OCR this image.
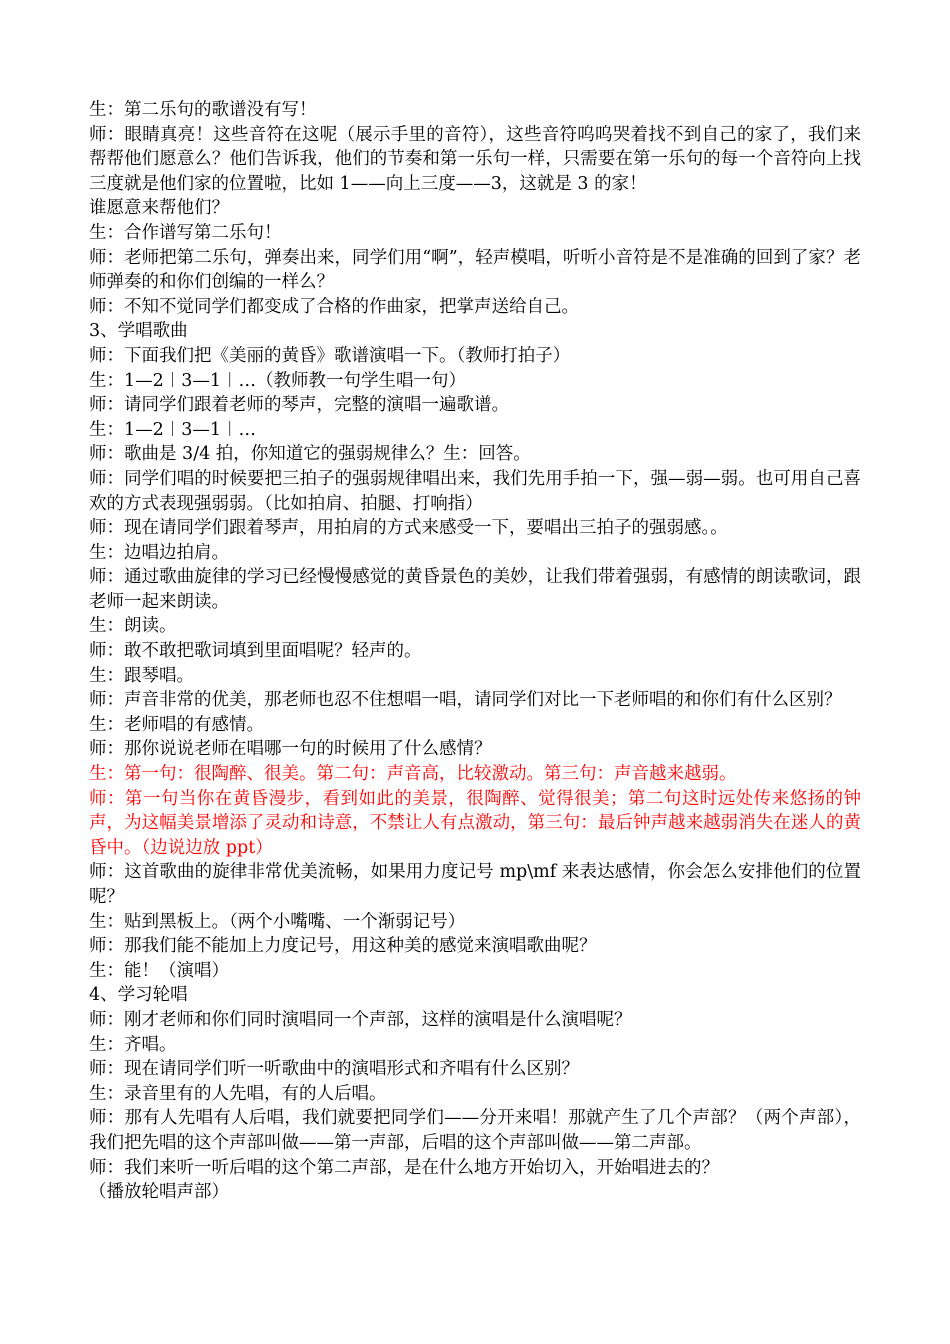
生：第二乐句的歌谱没有写！

师：眼睛真亮！这些音符在这呢（展示手里的音符），这些音符呜呜哭着找不到自己的家了，我们来帮帮他们愿意么？他们告诉我，他们的节奏和第一乐句一样，只需要在第一乐句的每一个音符向上找三度就是他们家的位置啦，比如 1——向上三度——3，这就是 3 的家！

谁愿意来帮他们？

生：合作谱写第二乐句！

师：老师把第二乐句，弹奏出来，同学们用“啊”，轻声模唱，听听小音符是不是准确的回到了家？老师弹奏的和你们创编的一样么？

师：不知不觉同学们都变成了合格的作曲家，把掌声送给自己。

3、学唱歌曲

师：下面我们把《美丽的黄昏》歌谱演唱一下。（教师打拍子）

生：1—2︱3—1︱…（教师教一句学生唱一句）

师：请同学们跟着老师的琴声，完整的演唱一遍歌谱。

生：1—2︱3—1︱…

师：歌曲是 3/4 拍，你知道它的强弱规律么？生：回答。

师：同学们唱的时候要把三拍子的强弱规律唱出来，我们先用手拍一下，强—弱—弱。也可用自己喜欢的方式表现强弱弱。（比如拍肩、拍腿、打响指）

师：现在请同学们跟着琴声，用拍肩的方式来感受一下，要唱出三拍子的强弱感。。

生：边唱边拍肩。

师：通过歌曲旋律的学习已经慢慢感觉的黄昏景色的美妙，让我们带着强弱，有感情的朗读歌词，跟老师一起来朗读。

生：朗读。

师：敢不敢把歌词填到里面唱呢？轻声的。

生：跟琴唱。

师：声音非常的优美，那老师也忍不住想唱一唱，请同学们对比一下老师唱的和你们有什么区别？

生：老师唱的有感情。

师：那你说说老师在唱哪一句的时候用了什么感情？

生：第一句：很陶醉、很美。第二句：声音高，比较激动。第三句：声音越来越弱。

师：第一句当你在黄昏漫步，看到如此的美景，很陶醉、觉得很美；第二句这时远处传来悠扬的钟声，为这幅美景增添了灵动和诗意，不禁让人有点激动，第三句：最后钟声越来越弱消失在迷人的黄昏中。（边说边放 ppt）

师：这首歌曲的旋律非常优美流畅，如果用力度记号 mp\mf 来表达感情，你会怎么安排他们的位置呢？

生：贴到黑板上。（两个小嘴嘴、一个渐弱记号）

师：那我们能不能加上力度记号，用这种美的感觉来演唱歌曲呢？

生：能！（演唱）

4、学习轮唱

师：刚才老师和你们同时演唱同一个声部，这样的演唱是什么演唱呢？

生：齐唱。

师：现在请同学们听一听歌曲中的演唱形式和齐唱有什么区别？

生：录音里有的人先唱，有的人后唱。

师：那有人先唱有人后唱，我们就要把同学们——分开来唱！那就产生了几个声部？（两个声部），我们把先唱的这个声部叫做——第一声部，后唱的这个声部叫做——第二声部。

师：我们来听一听后唱的这个第二声部，是在什么地方开始切入，开始唱进去的？

（播放轮唱声部）
